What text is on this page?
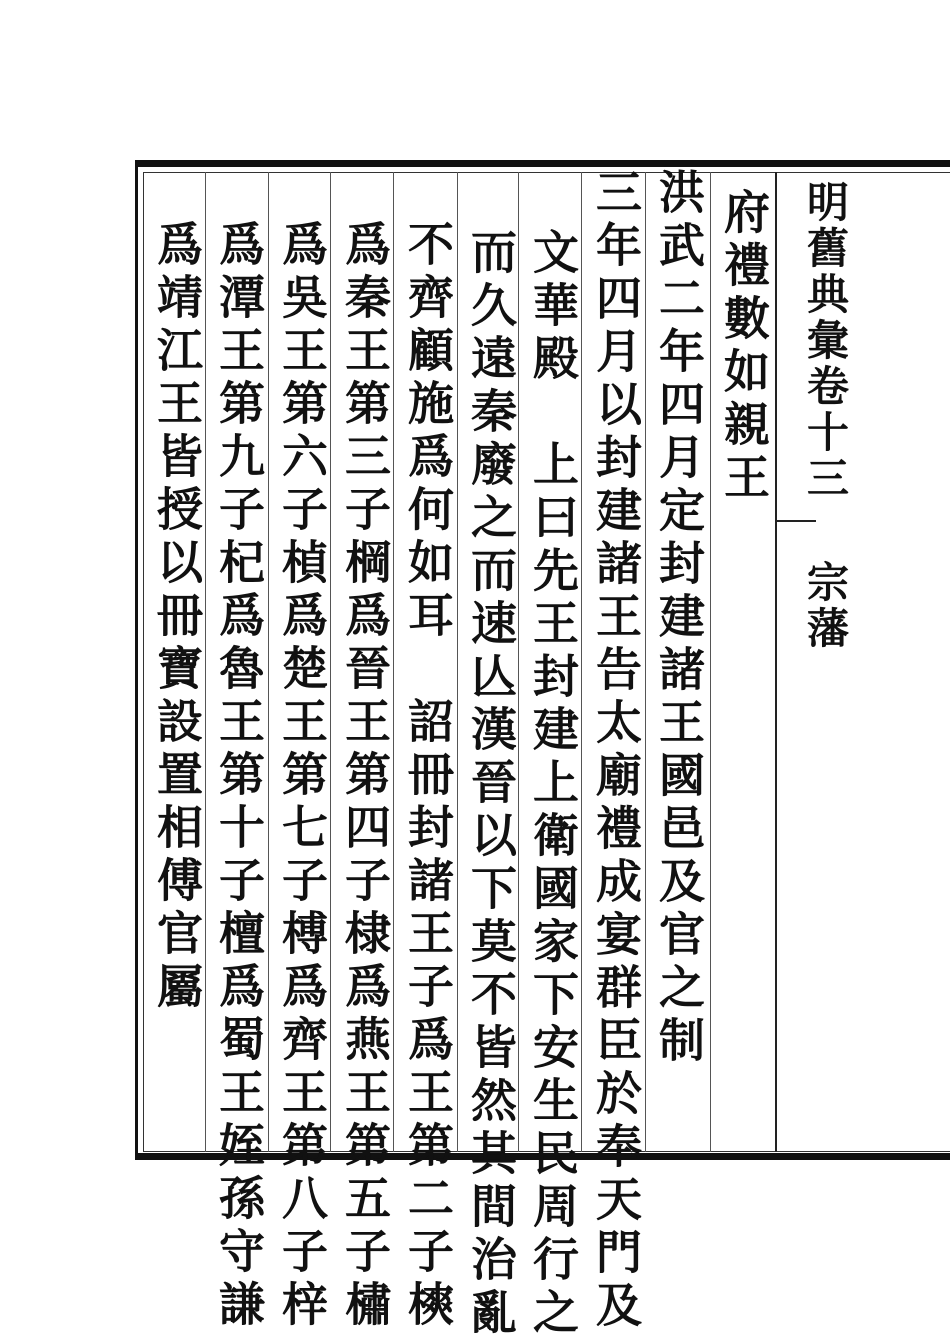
明舊典彙卷十三
宗藩
府禮數如親王
洪武二年四月定封建諸王國邑及官之制
三年四月以封建諸王告太廟禮成宴群臣於奉天門及
文華殿　上曰先王封建上衛國家下安生民周行之
而久遠秦廢之而速亾漢晉以下莫不皆然其間治亂
不齊顧施爲何如耳　詔冊封諸王子爲王第二子樉
爲秦王第三子棡爲晉王第四子棣爲燕王第五子橚
爲吳王第六子楨爲楚王第七子榑爲齊王第八子梓
爲潭王第九子杞爲魯王第十子檀爲蜀王姪孫守謙
爲靖江王皆授以冊寶設置相傅官屬
